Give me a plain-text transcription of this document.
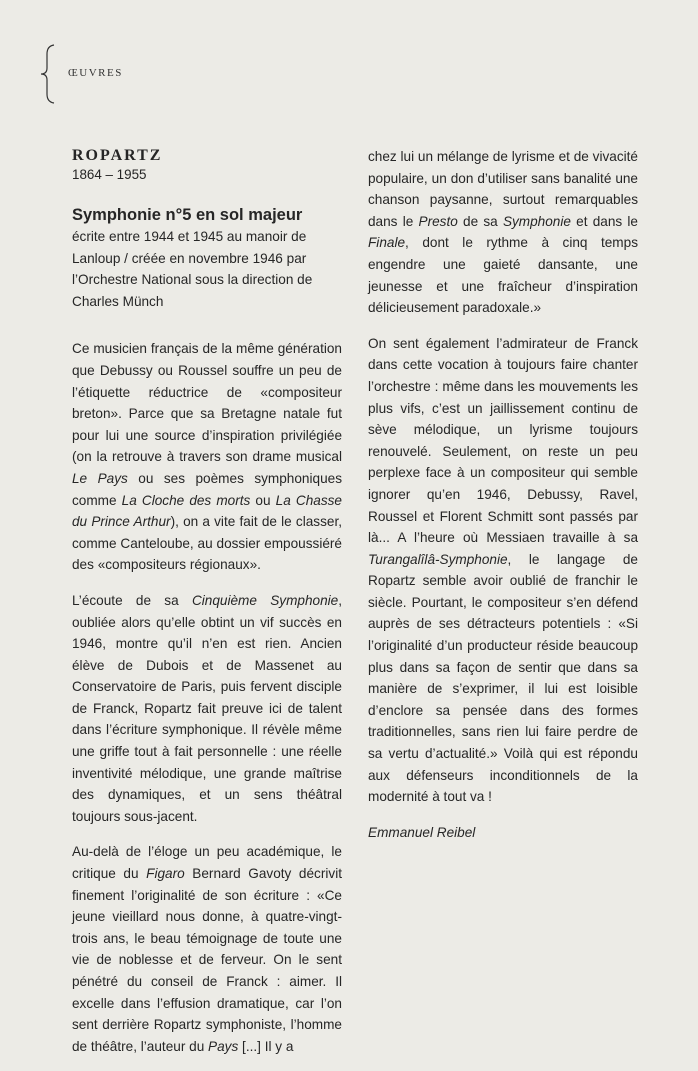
ŒUVRES
ROPARTZ
1864 – 1955
Symphonie n°5 en sol majeur
écrite entre 1944 et 1945 au manoir de Lanloup / créée en novembre 1946 par l’Orchestre National sous la direction de Charles Münch

Ce musicien français de la même génération que Debussy ou Roussel souffre un peu de l’étiquette réductrice de «compositeur breton». Parce que sa Bretagne natale fut pour lui une source d’inspiration privilégiée (on la retrouve à travers son drame musical Le Pays ou ses poèmes symphoniques comme La Cloche des morts ou La Chasse du Prince Arthur), on a vite fait de le classer, comme Canteloube, au dossier empoussiéré des «compositeurs régionaux».

L’écoute de sa Cinquième Symphonie, oubliée alors qu’elle obtint un vif succès en 1946, montre qu’il n’en est rien. Ancien élève de Dubois et de Massenet au Conservatoire de Paris, puis fervent disciple de Franck, Ropartz fait preuve ici de talent dans l’écriture symphonique. Il révèle même une griffe tout à fait personnelle : une réelle inventivité mélodique, une grande maîtrise des dynamiques, et un sens théâtral toujours sous-jacent.

Au-delà de l’éloge un peu académique, le critique du Figaro Bernard Gavoty décrivit finement l’originalité de son écriture : «Ce jeune vieillard nous donne, à quatre-vingt-trois ans, le beau témoignage de toute une vie de noblesse et de ferveur. On le sent pénétré du conseil de Franck : aimer. Il excelle dans l’effusion dramatique, car l’on sent derrière Ropartz symphoniste, l’homme de théâtre, l’auteur du Pays [...] Il y a

chez lui un mélange de lyrisme et de vivacité populaire, un don d’utiliser sans banalité une chanson paysanne, surtout remarquables dans le Presto de sa Symphonie et dans le Finale, dont le rythme à cinq temps engendre une gaieté dansante, une jeunesse et une fraîcheur d’inspiration délicieusement paradoxale.»

On sent également l’admirateur de Franck dans cette vocation à toujours faire chanter l’orchestre : même dans les mouvements les plus vifs, c’est un jaillissement continu de sève mélodique, un lyrisme toujours renouvelé. Seulement, on reste un peu perplexe face à un compositeur qui semble ignorer qu’en 1946, Debussy, Ravel, Roussel et Florent Schmitt sont passés par là... A l’heure où Messiaen travaille à sa Turangalîlâ-Symphonie, le langage de Ropartz semble avoir oublié de franchir le siècle. Pourtant, le compositeur s’en défend auprès de ses détracteurs potentiels : «Si l’originalité d’un producteur réside beaucoup plus dans sa façon de sentir que dans sa manière de s’exprimer, il lui est loisible d’enclore sa pensée dans des formes traditionnelles, sans rien lui faire perdre de sa vertu d’actualité.» Voilà qui est répondu aux défenseurs inconditionnels de la modernité à tout va !

Emmanuel Reibel
